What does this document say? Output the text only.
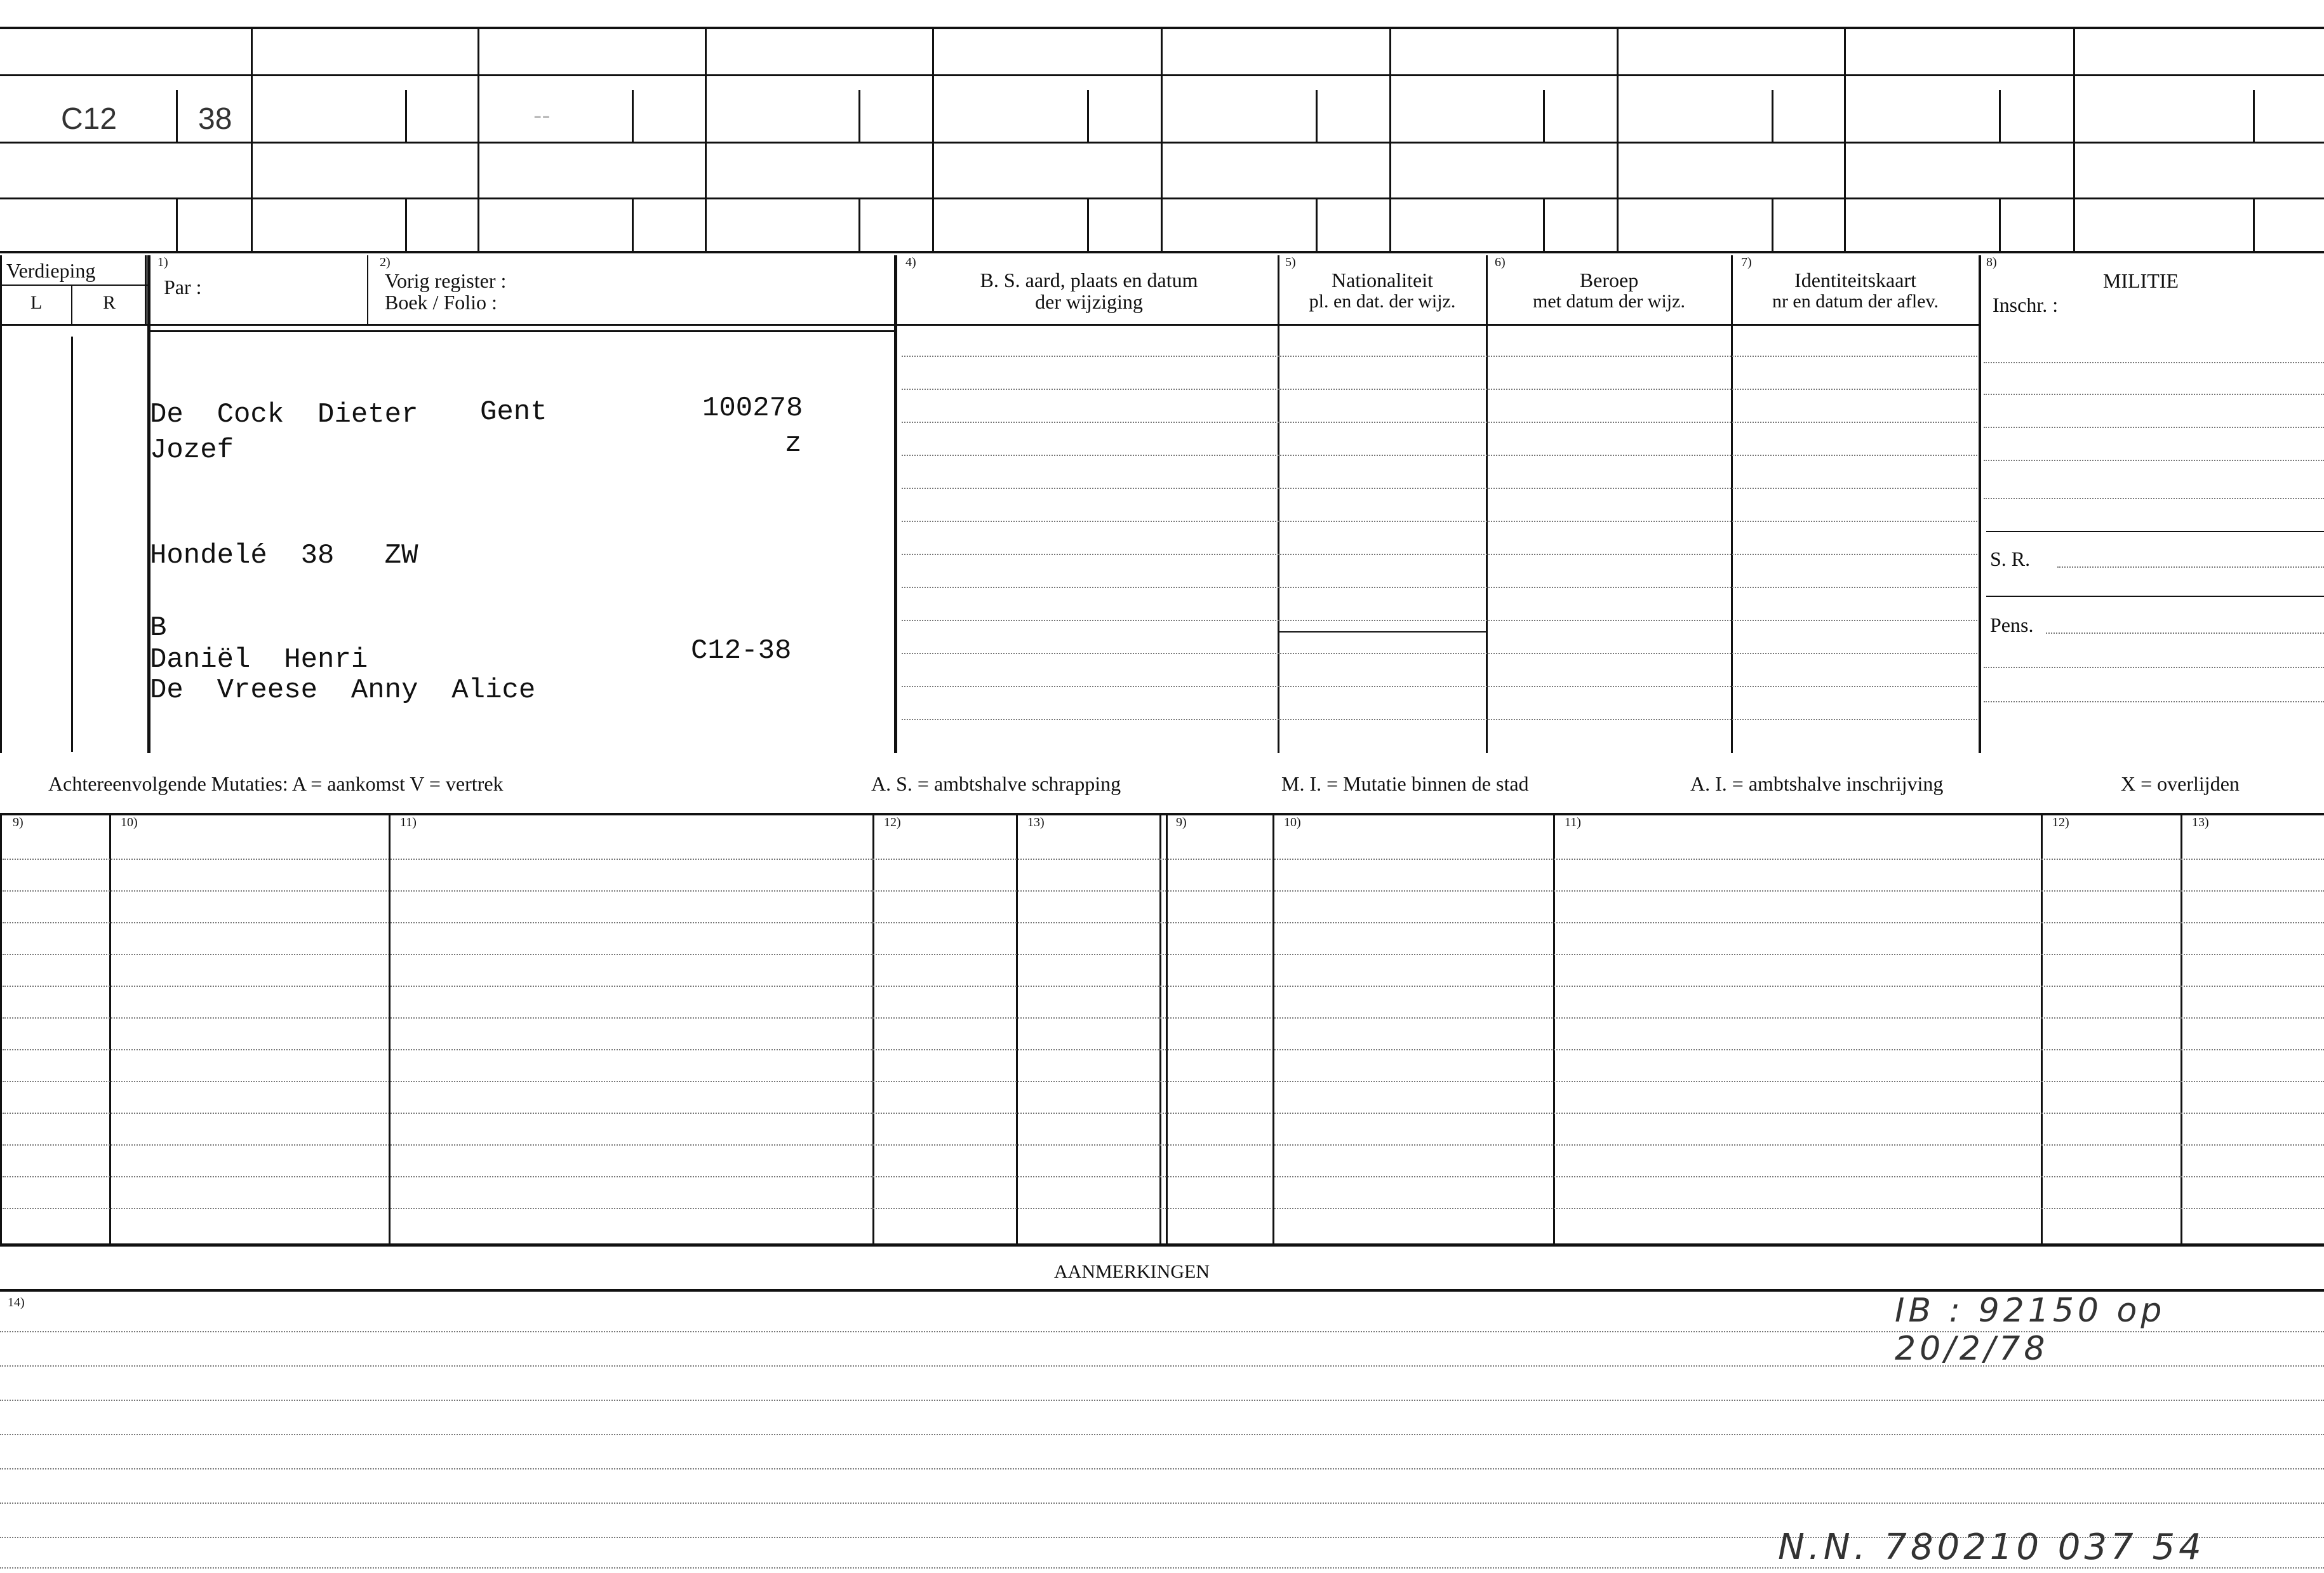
C12	38	--
Verdieping
L	R
1)
Par :
2)
Vorig register :
Boek / Folio :
4)
B. S. aard, plaats en datum
der wijziging
5)
Nationaliteit
pl. en dat. der wijz.
6)
Beroep
met datum der wijz.
7)
Identiteitskaart
nr en datum der aflev.
8)
MILITIE
Inschr. :
S. R.
Pens.
De  Cock  Dieter Gent	100278
Jozef	z
Hondelé  38   ZW
B
Daniël  Henri	C12-38
De  Vreese  Anny  Alice
Achtereenvolgende Mutaties: A = aankomst V = vertrek	A. S. = ambtshalve schrapping	M. I. = Mutatie binnen de stad	A. I. = ambtshalve inschrijving	X = overlijden
9)	10)	11)	12)	13)	9)	10)	11)	12)	13)
AANMERKINGEN
14)	IB : 92150 op 20/2/78
N.N. 780210 037 54
